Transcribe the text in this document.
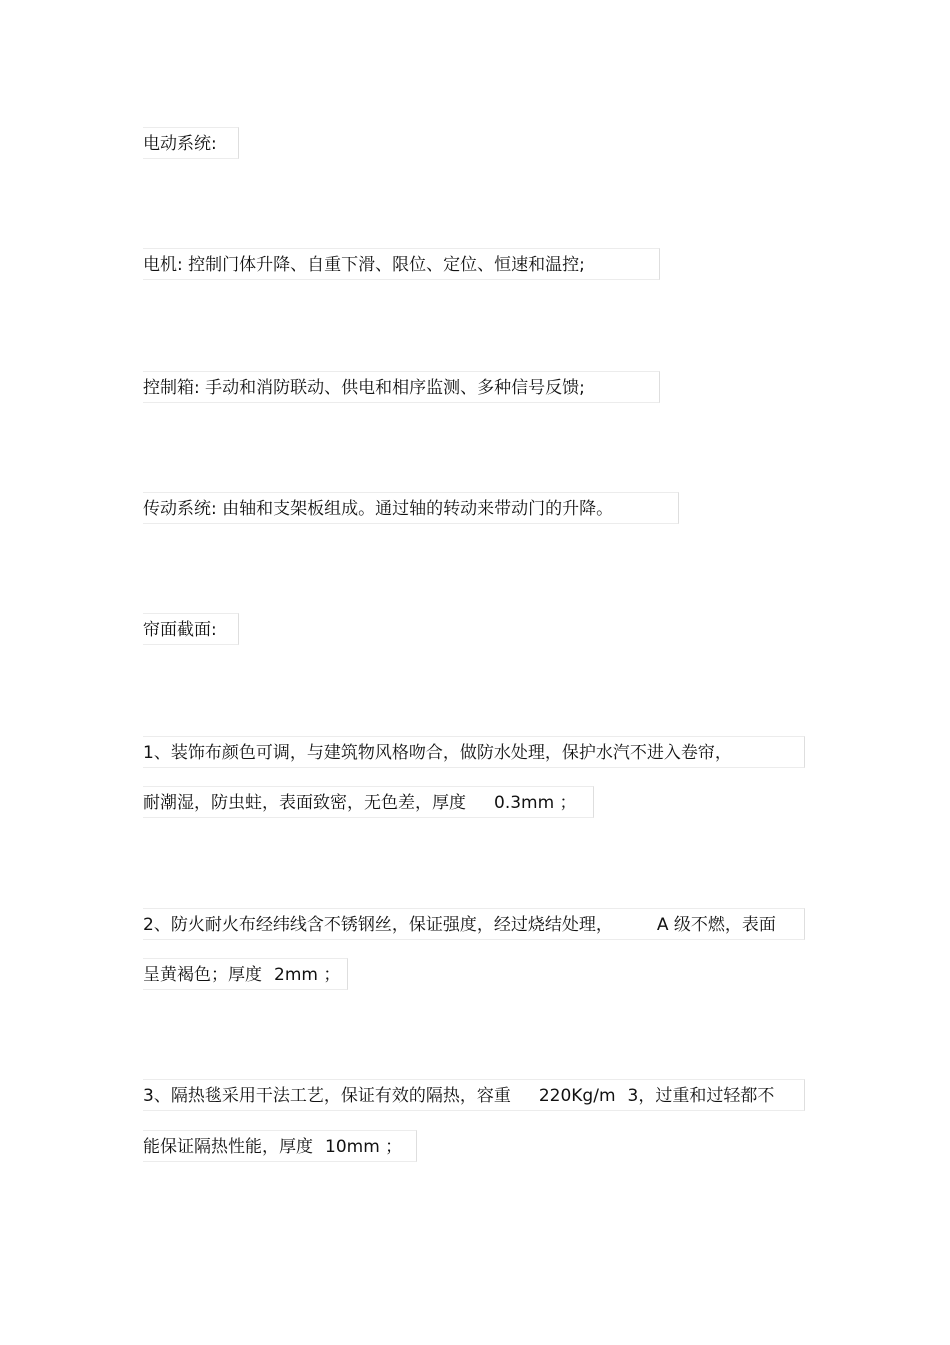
电动系统:
电机: 控制门体升降、自重下滑、限位、定位、恒速和温控;
控制箱: 手动和消防联动、供电和相序监测、多种信号反馈;
传动系统: 由轴和支架板组成。通过轴的转动来带动门的升降。
帘面截面:
1、装饰布颜色可调，与建筑物风格吻合，做防水处理，保护水汽不进入卷帘，
耐潮湿，防虫蛀，表面致密，无色差，厚度 0.3mm ；
2、防火耐火布经纬线含不锈钢丝，保证强度，经过烧结处理，	A 级不燃，表面
呈黄褐色；厚度 2mm ；
3、隔热毯采用干法工艺，保证有效的隔热，容重 220Kg/m 3，过重和过轻都不
能保证隔热性能，厚度 10mm ；
